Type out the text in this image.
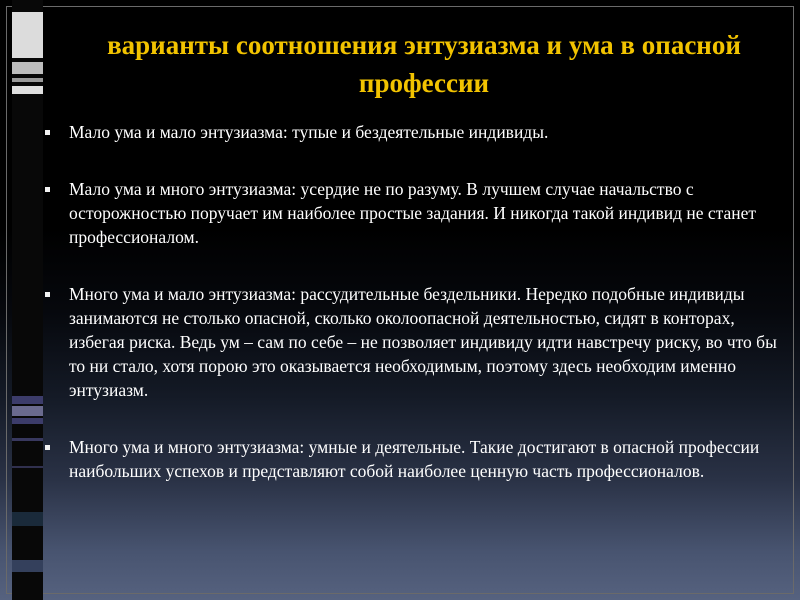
варианты соотношения энтузиазма и ума в опасной профессии
Мало ума и мало энтузиазма: тупые и бездеятельные индивиды.
Мало ума и много энтузиазма: усердие не по разуму. В лучшем случае начальство с осторожностью поручает им наиболее простые задания. И никогда такой индивид не станет профессионалом.
Много ума и мало энтузиазма: рассудительные бездельники. Нередко подобные индивиды занимаются не столько опасной, сколько околоопасной деятельностью, сидят в конторах, избегая риска. Ведь ум – сам по себе – не позволяет индивиду идти навстречу риску, во что бы то ни стало, хотя порою это оказывается необходимым, поэтому здесь необходим именно энтузиазм.
Много ума и много энтузиазма: умные и деятельные. Такие достигают в опасной профессии наибольших успехов и представляют собой наиболее ценную часть профессионалов.
